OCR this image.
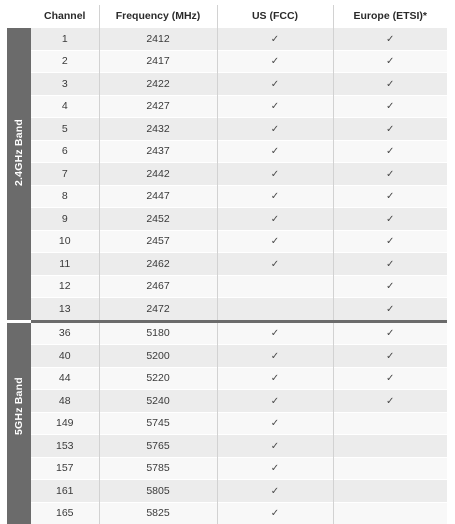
	Channel	Frequency (MHz)	US (FCC)	Europe (ETSI)*

2.4GHz Band	1	2412	✓	✓
	2	2417	✓	✓
	3	2422	✓	✓
	4	2427	✓	✓
	5	2432	✓	✓
	6	2437	✓	✓
	7	2442	✓	✓
	8	2447	✓	✓
	9	2452	✓	✓
	10	2457	✓	✓
	11	2462	✓	✓
	12	2467		✓
	13	2472		✓

5GHz Band	36	5180	✓	✓
	40	5200	✓	✓
	44	5220	✓	✓
	48	5240	✓	✓
	149	5745	✓	
	153	5765	✓	
	157	5785	✓	
	161	5805	✓	
	165	5825	✓	
